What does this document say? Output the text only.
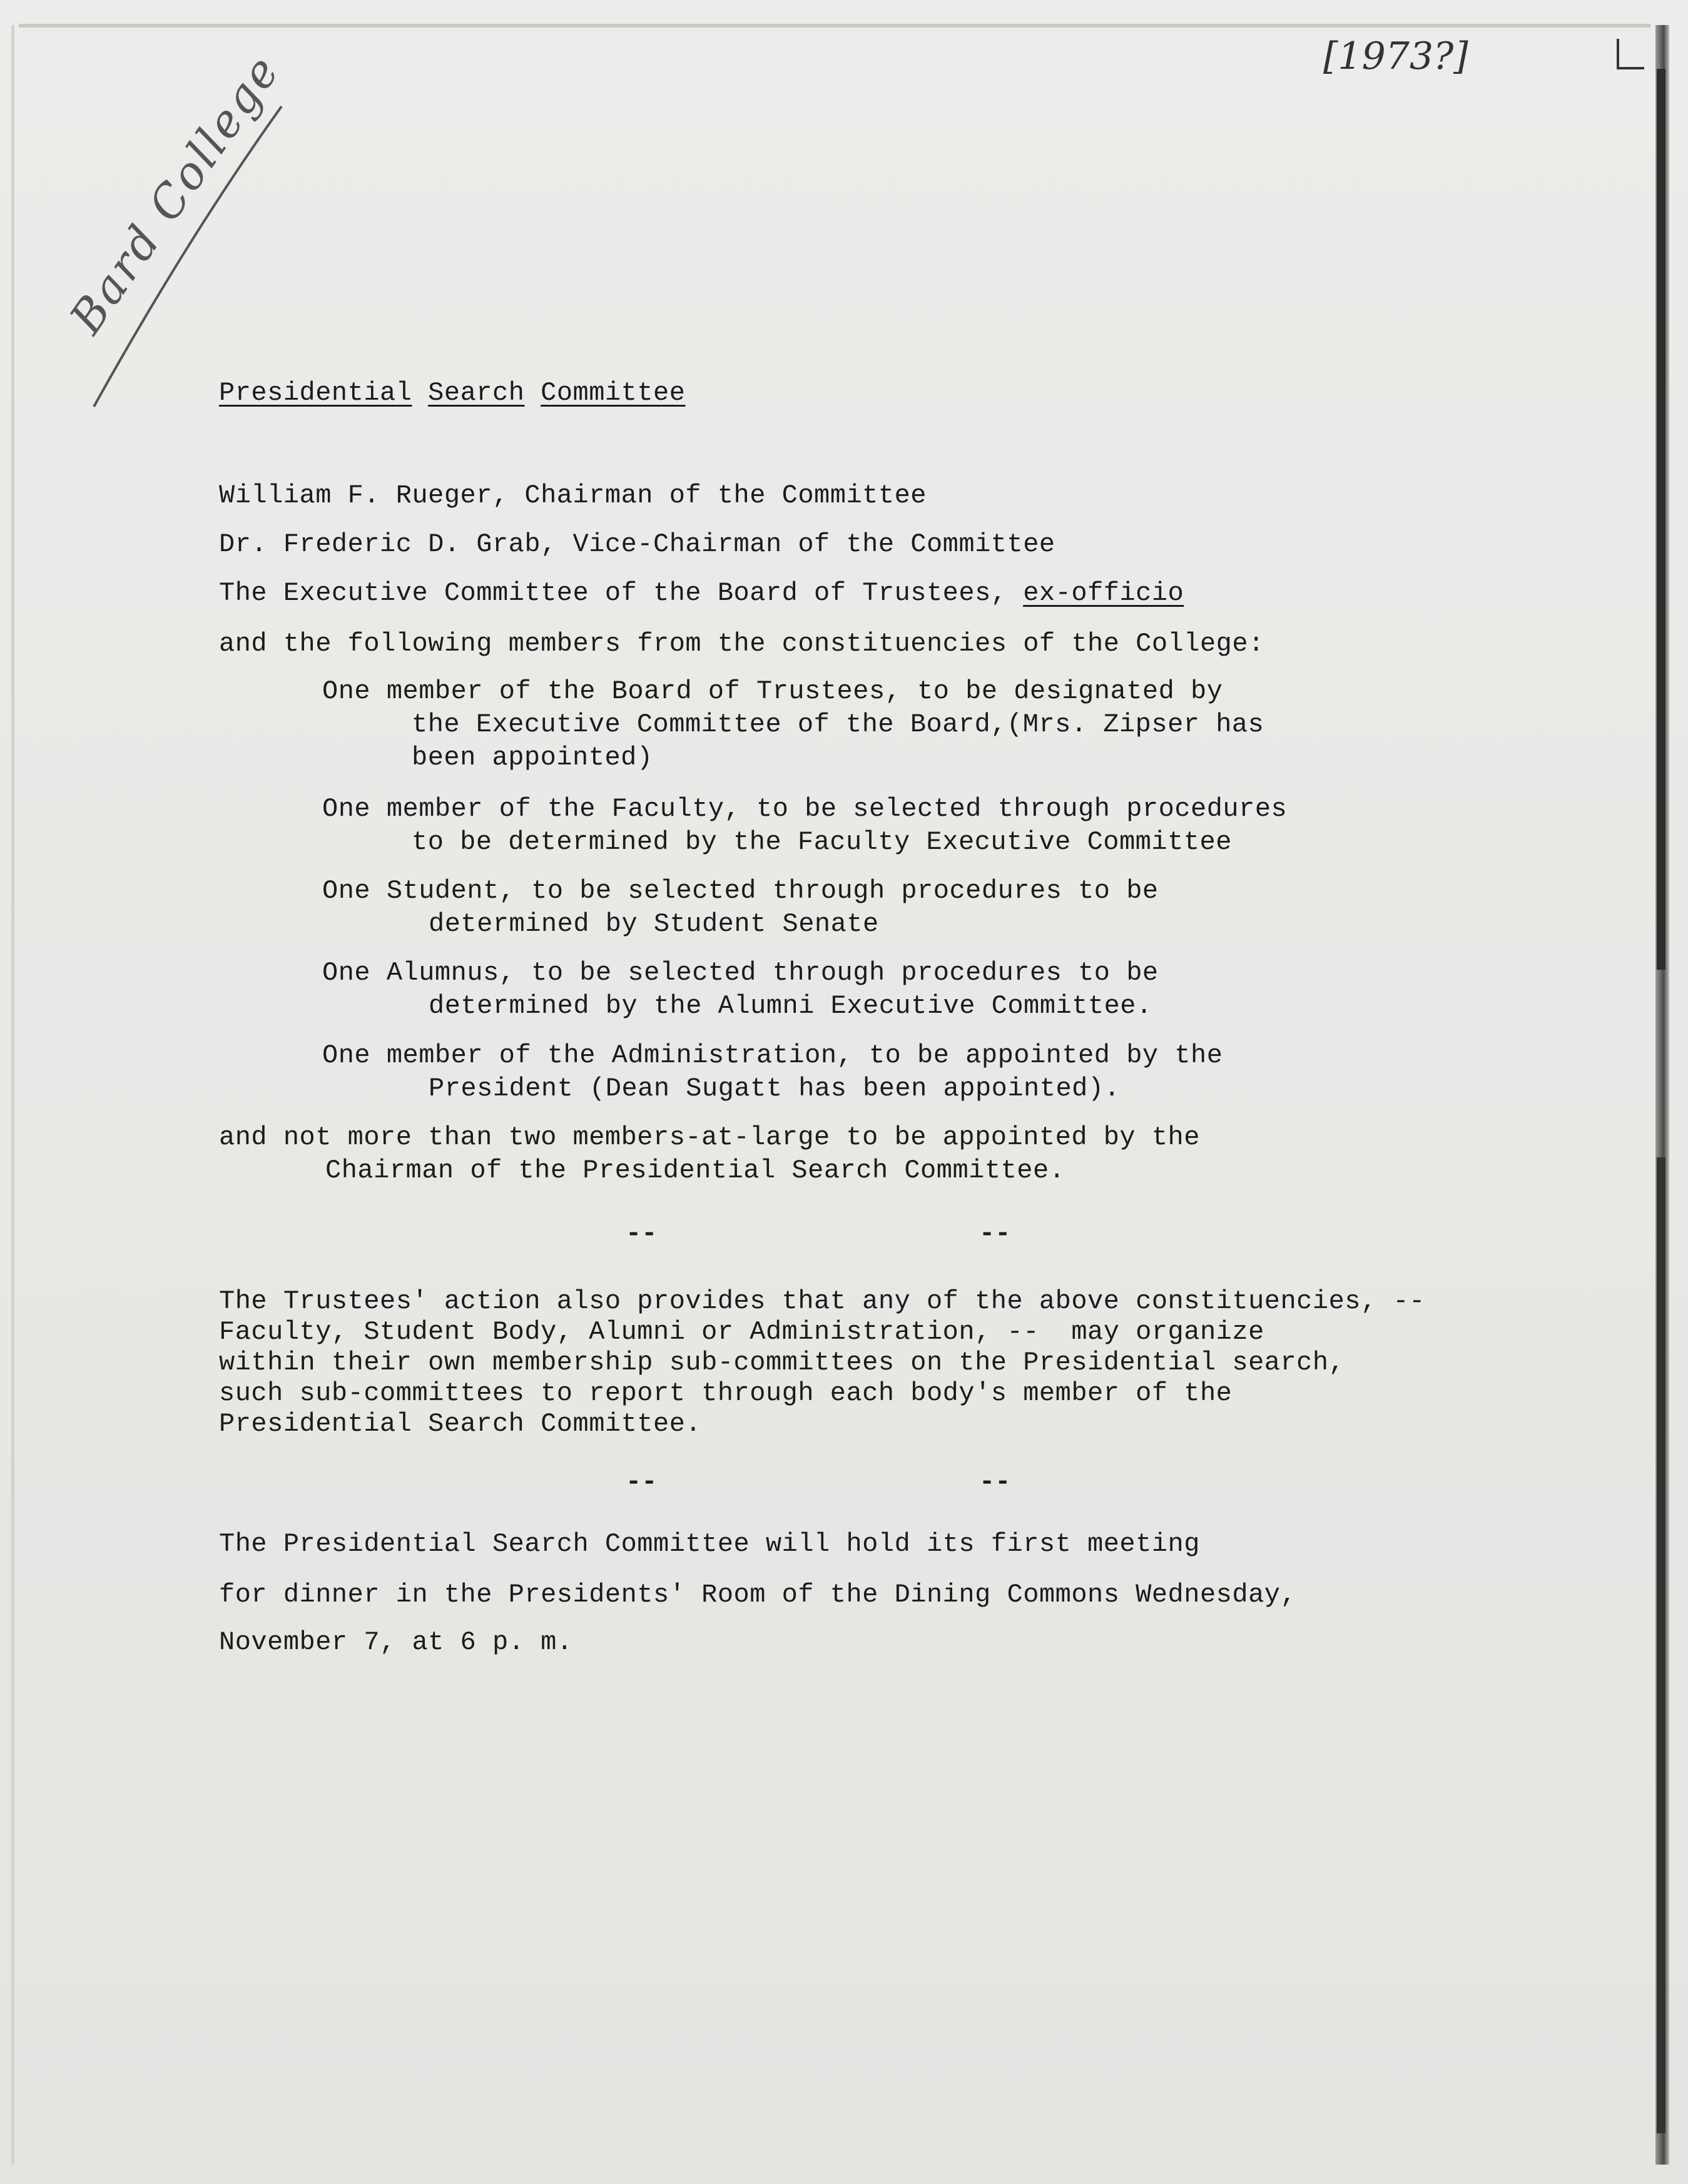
[1973?]
Bard College
Presidential Search Committee
William F. Rueger, Chairman of the Committee
Dr. Frederic D. Grab, Vice-Chairman of the Committee
The Executive Committee of the Board of Trustees, ex-officio
and the following members from the constituencies of the College:
One member of the Board of Trustees, to be designated by
the Executive Committee of the Board,(Mrs. Zipser has
been appointed)
One member of the Faculty, to be selected through procedures
to be determined by the Faculty Executive Committee
One Student, to be selected through procedures to be
determined by Student Senate
One Alumnus, to be selected through procedures to be
determined by the Alumni Executive Committee.
One member of the Administration, to be appointed by the
President (Dean Sugatt has been appointed).
and not more than two members-at-large to be appointed by the
Chairman of the Presidential Search Committee.
--	--
The Trustees' action also provides that any of the above constituencies, --
Faculty, Student Body, Alumni or Administration, --  may organize
within their own membership sub-committees on the Presidential search,
such sub-committees to report through each body's member of the
Presidential Search Committee.
--	--
The Presidential Search Committee will hold its first meeting
for dinner in the Presidents' Room of the Dining Commons Wednesday,
November 7, at 6 p. m.
